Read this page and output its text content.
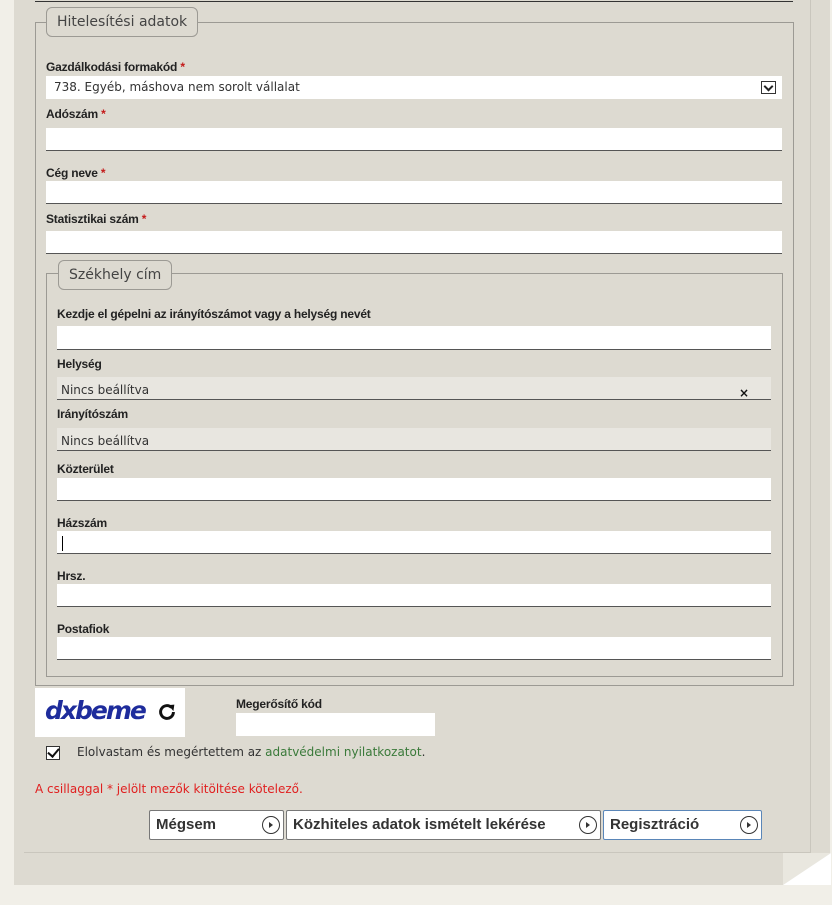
Hitelesítési adatok
Gazdálkodási formakód *
738. Egyéb, máshova nem sorolt vállalat
Adószám *
Cég neve *
Statisztikai szám *
Székhely cím
Kezdje el gépelni az irányítószámot vagy a helység nevét
Helység
Nincs beállítva	×
Irányítószám
Nincs beállítva
Közterület
Házszám
Hrsz.
Postafiok
dxbeme	Megerősítő kód
Elolvastam és megértettem az adatvédelmi nyilatkozatot.
A csillaggal * jelölt mezők kitöltése kötelező.
Mégsem	Közhiteles adatok ismételt lekérése	Regisztráció
